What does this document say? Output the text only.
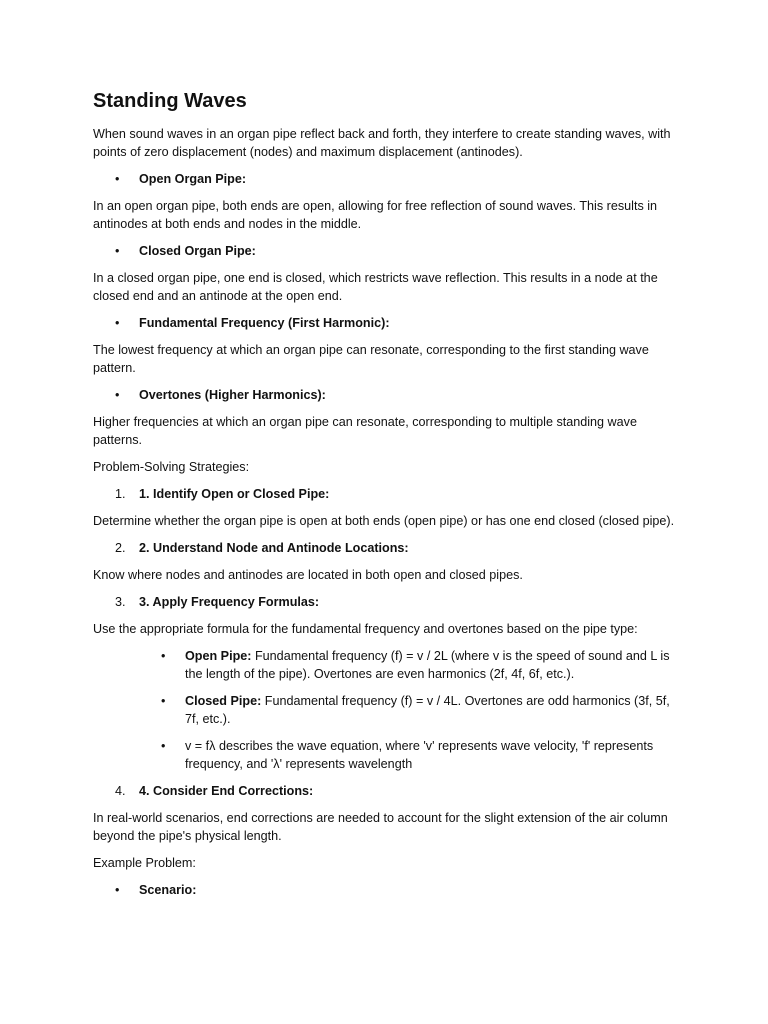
Standing Waves

When sound waves in an organ pipe reflect back and forth, they interfere to create standing waves, with points of zero displacement (nodes) and maximum displacement (antinodes).

• Open Organ Pipe:

In an open organ pipe, both ends are open, allowing for free reflection of sound waves. This results in antinodes at both ends and nodes in the middle.

• Closed Organ Pipe:

In a closed organ pipe, one end is closed, which restricts wave reflection. This results in a node at the closed end and an antinode at the open end.

• Fundamental Frequency (First Harmonic):

The lowest frequency at which an organ pipe can resonate, corresponding to the first standing wave pattern.

• Overtones (Higher Harmonics):

Higher frequencies at which an organ pipe can resonate, corresponding to multiple standing wave patterns.

Problem-Solving Strategies:

1. 1. Identify Open or Closed Pipe:

Determine whether the organ pipe is open at both ends (open pipe) or has one end closed (closed pipe).

2. 2. Understand Node and Antinode Locations:

Know where nodes and antinodes are located in both open and closed pipes.

3. 3. Apply Frequency Formulas:

Use the appropriate formula for the fundamental frequency and overtones based on the pipe type:

• Open Pipe: Fundamental frequency (f) = v / 2L (where v is the speed of sound and L is the length of the pipe). Overtones are even harmonics (2f, 4f, 6f, etc.).
• Closed Pipe: Fundamental frequency (f) = v / 4L. Overtones are odd harmonics (3f, 5f, 7f, etc.).
• v = fλ describes the wave equation, where 'v' represents wave velocity, 'f' represents frequency, and 'λ' represents wavelength
4. 4. Consider End Corrections:

In real-world scenarios, end corrections are needed to account for the slight extension of the air column beyond the pipe's physical length.

Example Problem:

• Scenario:
